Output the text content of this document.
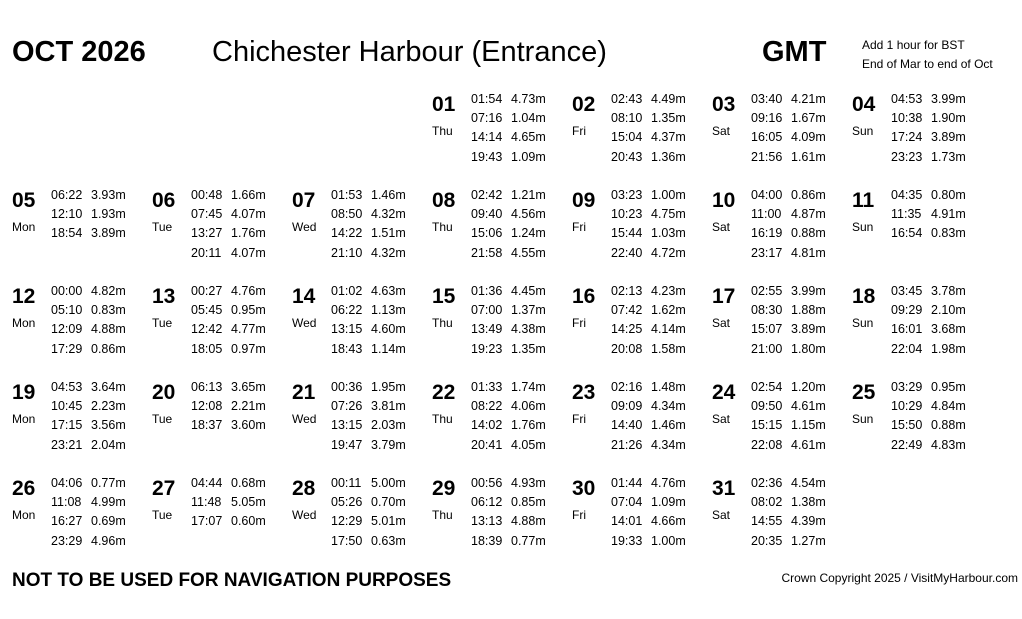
OCT 2026 Chichester Harbour (Entrance)	GMT	Add 1 hour for BST
End of Mar to end of Oct
01
Thu
01:54 4.73m
07:16 1.04m
14:14 4.65m
19:43 1.09m
02
Fri
02:43 4.49m
08:10 1.35m
15:04 4.37m
20:43 1.36m
03
Sat
03:40 4.21m
09:16 1.67m
16:05 4.09m
21:56 1.61m
04
Sun
04:53 3.99m
10:38 1.90m
17:24 3.89m
23:23 1.73m
05
Mon
06:22 3.93m
12:10 1.93m
18:54 3.89m
06
Tue
00:48 1.66m
07:45 4.07m
13:27 1.76m
20:11 4.07m
07
Wed
01:53 1.46m
08:50 4.32m
14:22 1.51m
21:10 4.32m
08
Thu
02:42 1.21m
09:40 4.56m
15:06 1.24m
21:58 4.55m
09
Fri
03:23 1.00m
10:23 4.75m
15:44 1.03m
22:40 4.72m
10
Sat
04:00 0.86m
11:00 4.87m
16:19 0.88m
23:17 4.81m
11
Sun
04:35 0.80m
11:35 4.91m
16:54 0.83m
12
Mon
00:00 4.82m
05:10 0.83m
12:09 4.88m
17:29 0.86m
13
Tue
00:27 4.76m
05:45 0.95m
12:42 4.77m
18:05 0.97m
14
Wed
01:02 4.63m
06:22 1.13m
13:15 4.60m
18:43 1.14m
15
Thu
01:36 4.45m
07:00 1.37m
13:49 4.38m
19:23 1.35m
16
Fri
02:13 4.23m
07:42 1.62m
14:25 4.14m
20:08 1.58m
17
Sat
02:55 3.99m
08:30 1.88m
15:07 3.89m
21:00 1.80m
18
Sun
03:45 3.78m
09:29 2.10m
16:01 3.68m
22:04 1.98m
19
Mon
04:53 3.64m
10:45 2.23m
17:15 3.56m
23:21 2.04m
20
Tue
06:13 3.65m
12:08 2.21m
18:37 3.60m
21
Wed
00:36 1.95m
07:26 3.81m
13:15 2.03m
19:47 3.79m
22
Thu
01:33 1.74m
08:22 4.06m
14:02 1.76m
20:41 4.05m
23
Fri
02:16 1.48m
09:09 4.34m
14:40 1.46m
21:26 4.34m
24
Sat
02:54 1.20m
09:50 4.61m
15:15 1.15m
22:08 4.61m
25
Sun
03:29 0.95m
10:29 4.84m
15:50 0.88m
22:49 4.83m
26
Mon
04:06 0.77m
11:08 4.99m
16:27 0.69m
23:29 4.96m
27
Tue
04:44 0.68m
11:48 5.05m
17:07 0.60m
28
Wed
00:11 5.00m
05:26 0.70m
12:29 5.01m
17:50 0.63m
29
Thu
00:56 4.93m
06:12 0.85m
13:13 4.88m
18:39 0.77m
30
Fri
01:44 4.76m
07:04 1.09m
14:01 4.66m
19:33 1.00m
31
Sat
02:36 4.54m
08:02 1.38m
14:55 4.39m
20:35 1.27m
NOT TO BE USED FOR NAVIGATION PURPOSES	Crown Copyright 2025 / VisitMyHarbour.com
